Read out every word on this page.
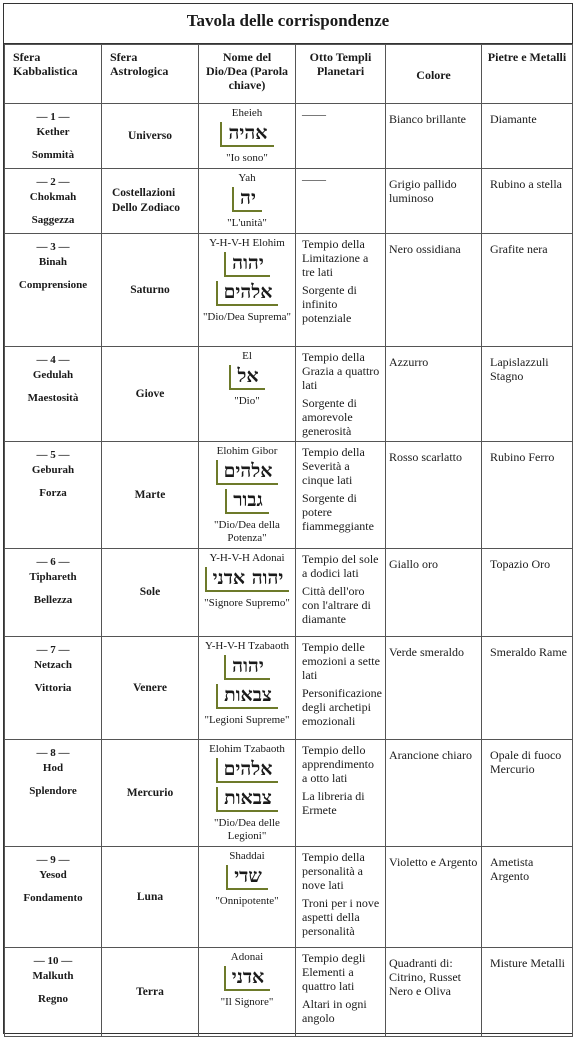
Tavola delle corrispondenze
Sfera Kabbalistica	Sfera Astrologica	Nome del Dio/Dea (Parola chiave)	Otto Templi Planetari	Colore	Pietre e Metalli

— 1 —
Kether
Sommità	Universo	Eheieh
אהיה
"Io sono"	——	Bianco brillante	Diamante

— 2 —
Chokmah
Saggezza	Costellazioni Dello Zodiaco	Yah
יה
"L'unità"	——	Grigio pallido luminoso	Rubino a stella

— 3 —
Binah
Comprensione	Saturno	Y-H-V-H Elohim
יהוה
אלהים
"Dio/Dea Suprema"	Tempio della Limitazione a tre lati
Sorgente di infinito potenziale	Nero ossidiana	Grafite nera

— 4 —
Gedulah
Maestosità	Giove	El
אל
"Dio"	Tempio della Grazia a quattro lati
Sorgente di amorevole generosità	Azzurro	Lapislazzuli Stagno

— 5 —
Geburah
Forza	Marte	Elohim Gibor
אלהים
גבור
"Dio/Dea della Potenza"	Tempio della Severità a cinque lati
Sorgente di potere fiammeggiante	Rosso scarlatto	Rubino Ferro

— 6 —
Tiphareth
Bellezza	Sole	Y-H-V-H Adonai
יהוה אדני
"Signore Supremo"	Tempio del sole a dodici lati
Città dell'oro con l'altrare di diamante	Giallo oro	Topazio Oro

— 7 —
Netzach
Vittoria	Venere	Y-H-V-H Tzabaoth
יהוה
צבאות
"Legioni Supreme"	Tempio delle emozioni a sette lati
Personificazione degli archetipi emozionali	Verde smeraldo	Smeraldo Rame

— 8 —
Hod
Splendore	Mercurio	Elohim Tzabaoth
אלהים
צבאות
"Dio/Dea delle Legioni"	Tempio dello apprendimento a otto lati
La libreria di Ermete	Arancione chiaro	Opale di fuoco Mercurio

— 9 —
Yesod
Fondamento	Luna	Shaddai
שדי
"Onnipotente"	Tempio della personalità a nove lati
Troni per i nove aspetti della personalità	Violetto e Argento	Ametista Argento

— 10 —
Malkuth
Regno	Terra	Adonai
אדני
"Il Signore"	Tempio degli Elementi a quattro lati
Altari in ogni angolo	Quadranti di: Citrino, Russet Nero e Oliva	Misture Metalli
